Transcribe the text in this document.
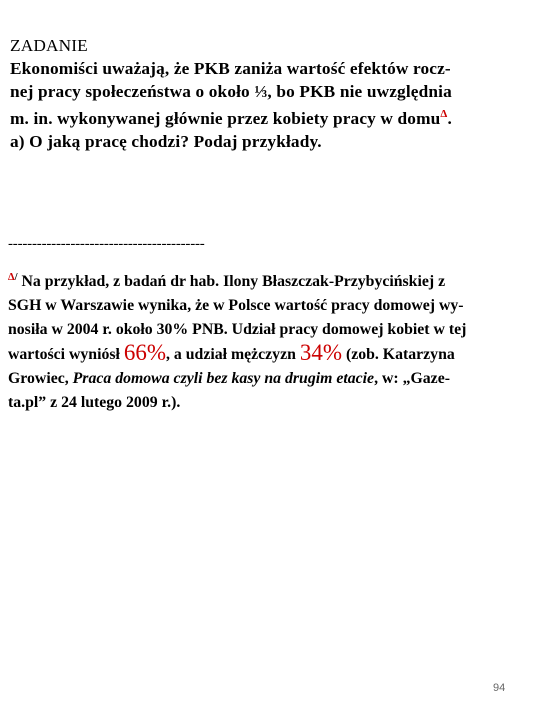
ZADANIE
Ekonomiści uważają, że PKB zaniża wartość efektów rocz-
nej pracy społeczeństwa o około ⅓, bo PKB nie uwzględnia
m. in. wykonywanej głównie przez kobiety pracy w domu$^\Delta$.
a) O jaką pracę chodzi? Podaj przykłady.
-----------------------------------------
$^{\Delta/}$ Na przykład, z badań dr hab. Ilony Błaszczak-Przybycińskiej z
SGH w Warszawie wynika, że w Polsce wartość pracy domowej wy-
nosiła w 2004 r. około 30% PNB. Udział pracy domowej kobiet w tej
wartości wyniósł 66%, a udział mężczyzn 34% (zob. Katarzyna
Growiec, Praca domowa czyli bez kasy na drugim etacie, w: „Gaze-
ta.pl” z 24 lutego 2009 r.).
94
